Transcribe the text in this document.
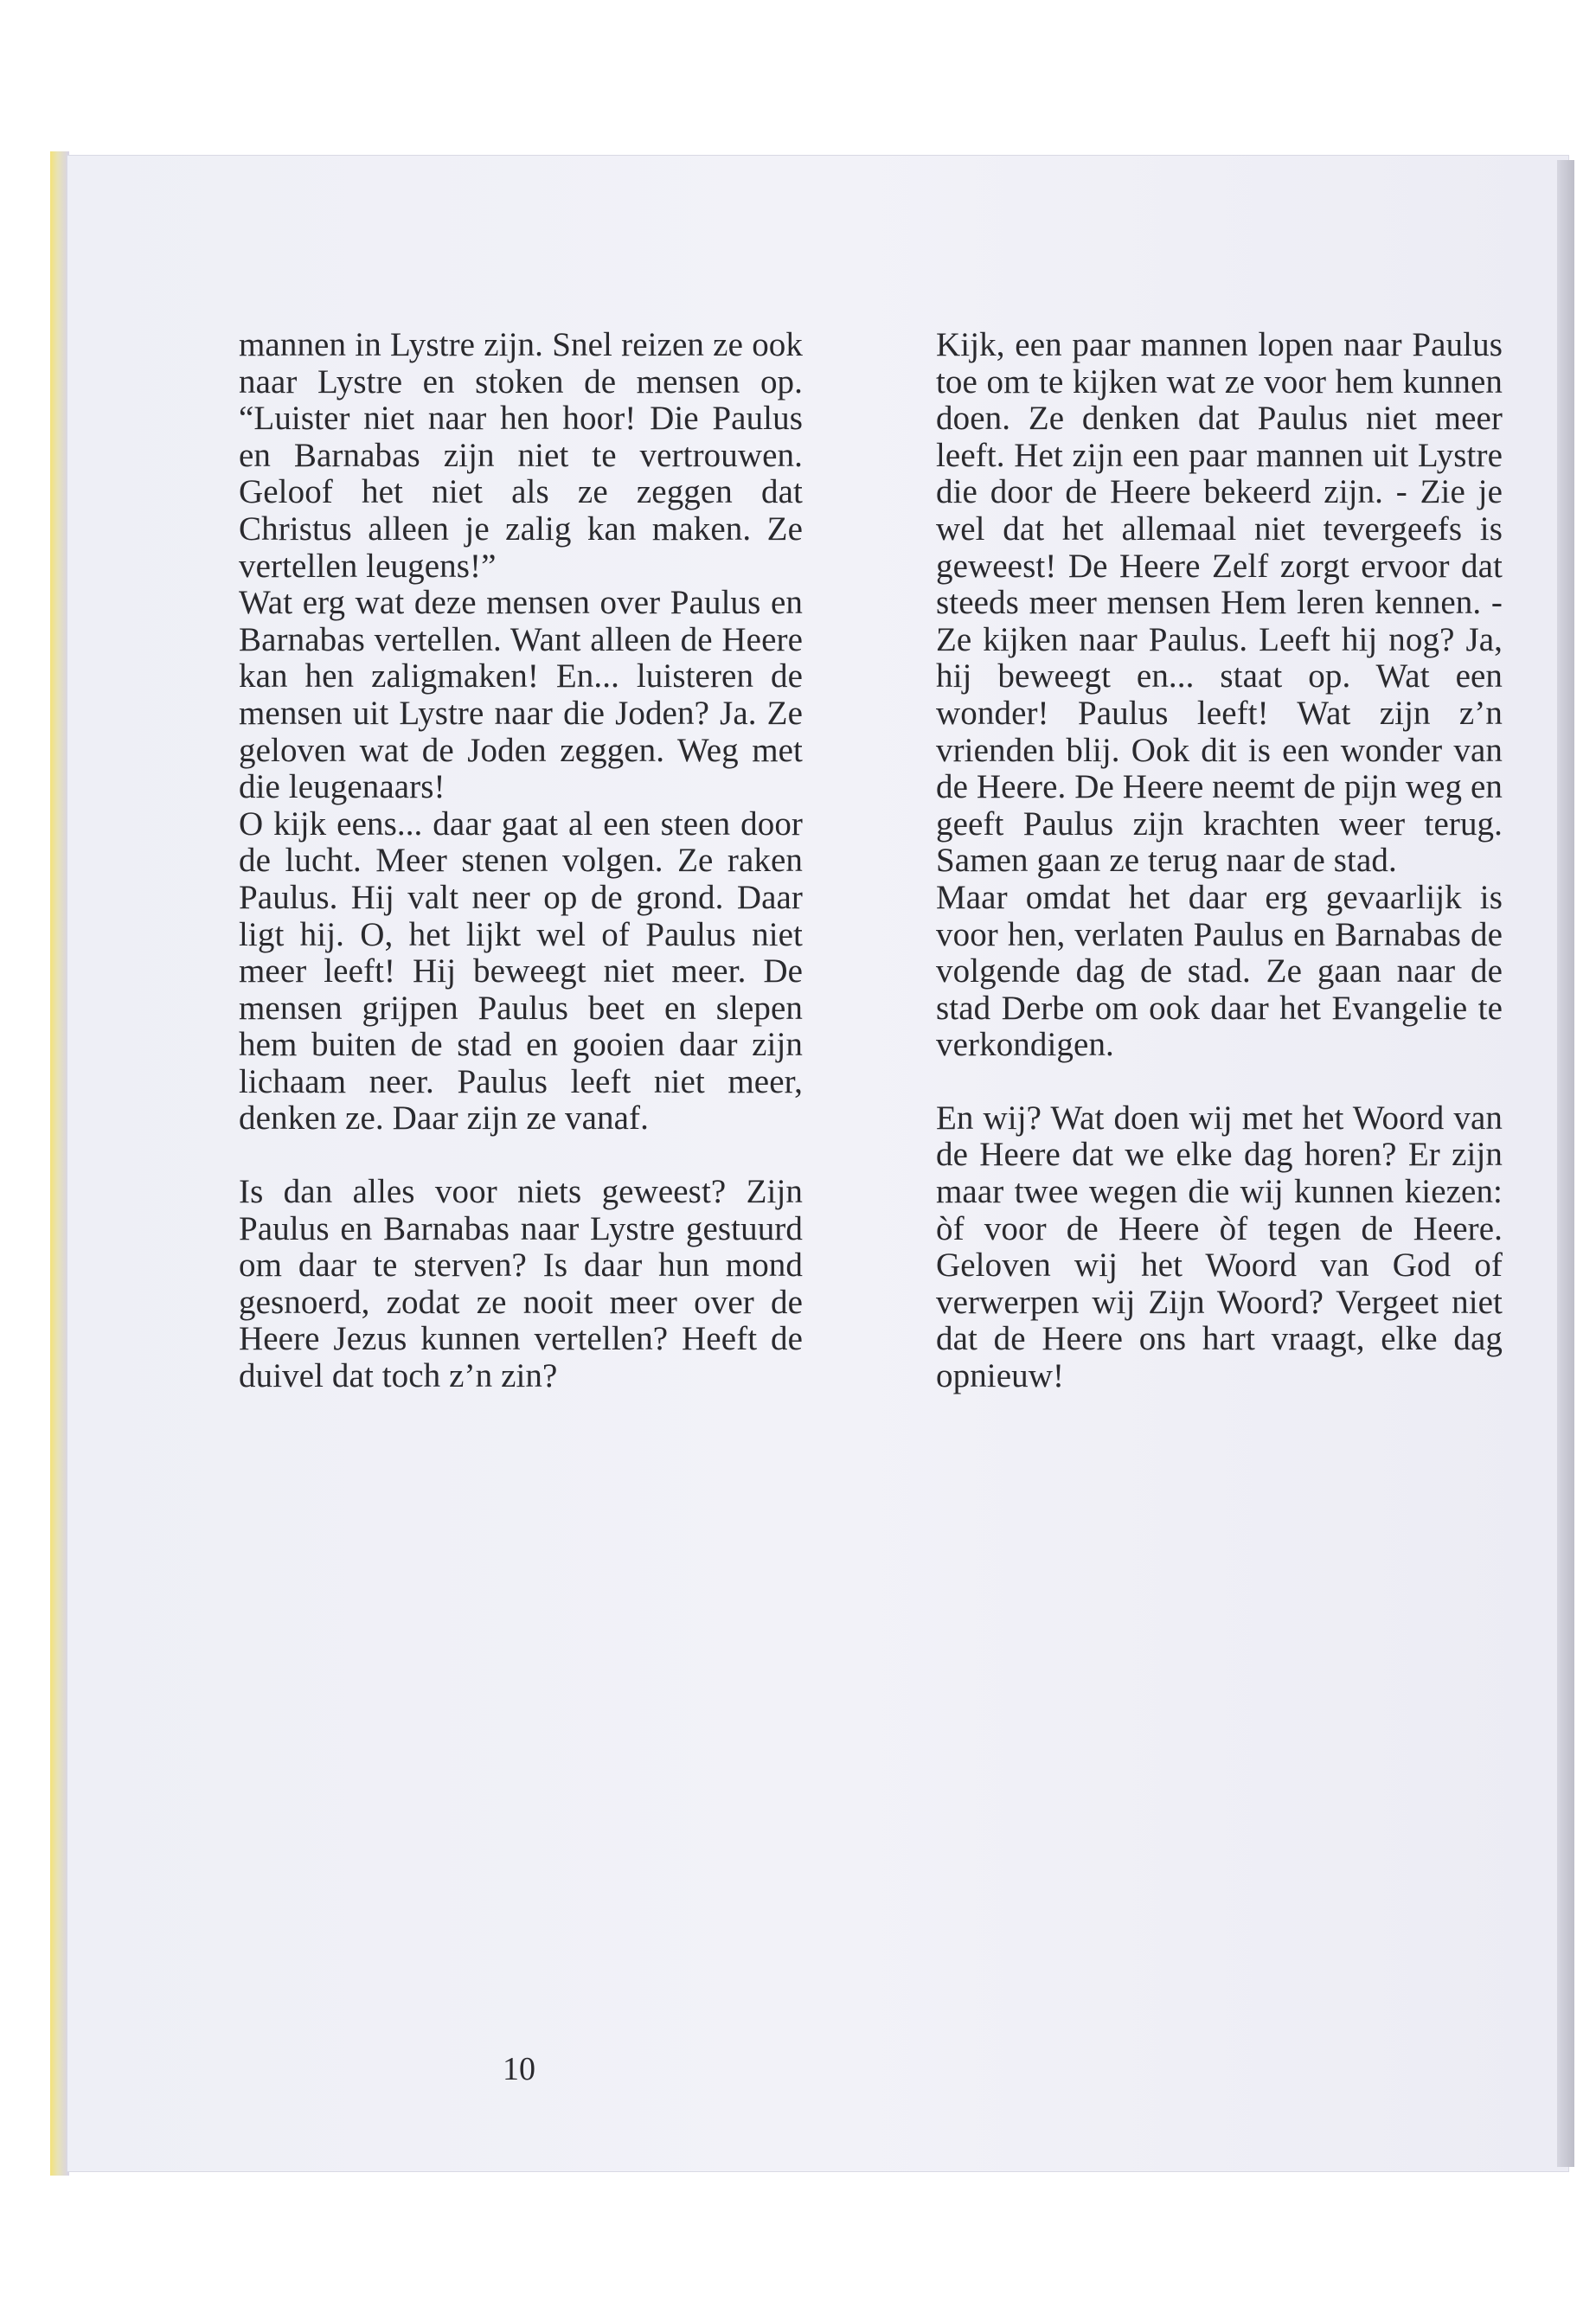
mannen in Lystre zijn. Snel reizen ze ook naar Lystre en stoken de mensen op. “Luister niet naar hen hoor! Die Paulus en Barnabas zijn niet te vertrouwen. Geloof het niet als ze zeggen dat Christus alleen je zalig kan maken. Ze vertellen leugens!”

Wat erg wat deze mensen over Paulus en Barnabas vertellen. Want alleen de Heere kan hen zaligmaken! En... luisteren de mensen uit Lystre naar die Joden? Ja. Ze geloven wat de Joden zeggen. Weg met die leugenaars!

O kijk eens... daar gaat al een steen door de lucht. Meer stenen volgen. Ze raken Paulus. Hij valt neer op de grond. Daar ligt hij. O, het lijkt wel of Paulus niet meer leeft! Hij beweegt niet meer. De mensen grijpen Paulus beet en slepen hem buiten de stad en gooien daar zijn lichaam neer. Paulus leeft niet meer, denken ze. Daar zijn ze vanaf.

Is dan alles voor niets geweest? Zijn Paulus en Barnabas naar Lystre gestuurd om daar te sterven? Is daar hun mond gesnoerd, zodat ze nooit meer over de Heere Jezus kunnen vertellen? Heeft de duivel dat toch z’n zin?

Kijk, een paar mannen lopen naar Paulus toe om te kijken wat ze voor hem kunnen doen. Ze denken dat Paulus niet meer leeft. Het zijn een paar mannen uit Lystre die door de Heere bekeerd zijn. - Zie je wel dat het allemaal niet tevergeefs is geweest! De Heere Zelf zorgt ervoor dat steeds meer mensen Hem leren kennen. - Ze kijken naar Paulus. Leeft hij nog? Ja, hij beweegt en... staat op. Wat een wonder! Paulus leeft! Wat zijn z’n vrienden blij. Ook dit is een wonder van de Heere. De Heere neemt de pijn weg en geeft Paulus zijn krachten weer terug. Samen gaan ze terug naar de stad.

Maar omdat het daar erg gevaarlijk is voor hen, verlaten Paulus en Barnabas de volgende dag de stad. Ze gaan naar de stad Derbe om ook daar het Evangelie te verkondigen.

En wij? Wat doen wij met het Woord van de Heere dat we elke dag horen? Er zijn maar twee wegen die wij kunnen kiezen: òf voor de Heere òf tegen de Heere. Geloven wij het Woord van God of verwerpen wij Zijn Woord? Vergeet niet dat de Heere ons hart vraagt, elke dag opnieuw!

10
